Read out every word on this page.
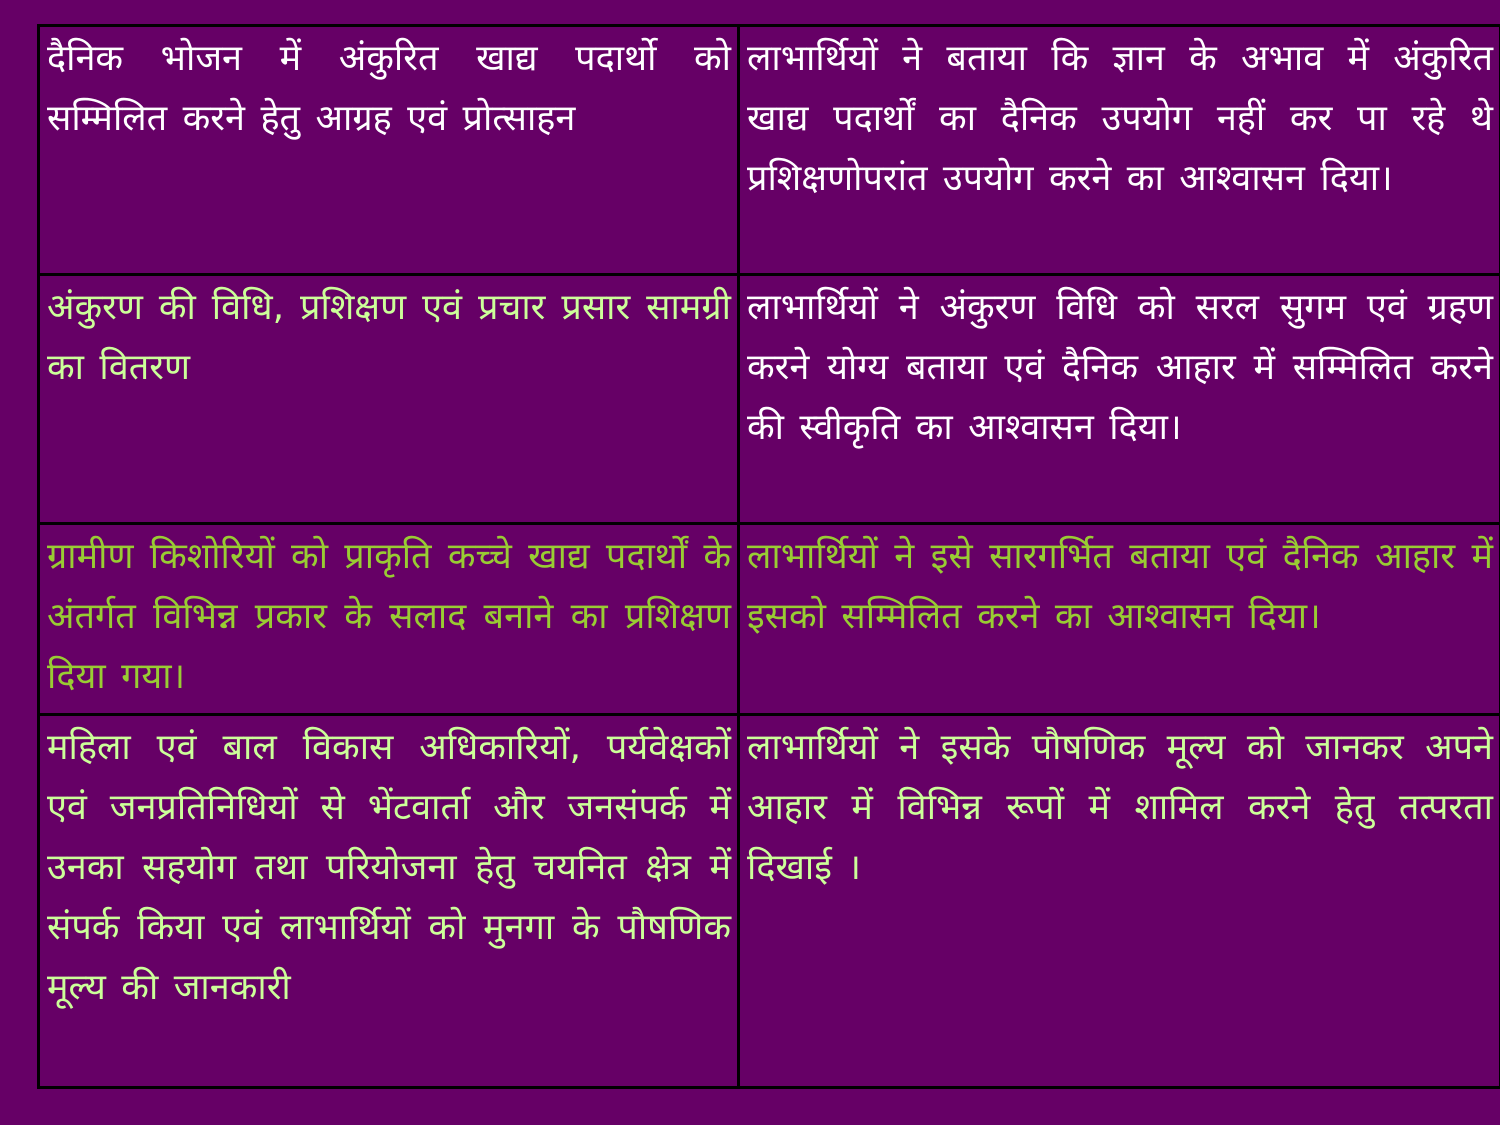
दैनिक भोजन में अंकुरित खाद्य पदार्थो को सम्मिलित करने हेतु आग्रह एवं प्रोत्साहन	लाभार्थियों ने बताया कि ज्ञान के अभाव में अंकुरित खाद्य पदार्थों का दैनिक उपयोग नहीं कर पा रहे थे प्रशिक्षणोपरांत उपयोग करने का आश्वासन दिया।
अंकुरण की विधि, प्रशिक्षण एवं प्रचार प्रसार सामग्री का वितरण	लाभार्थियों ने अंकुरण विधि को सरल सुगम एवं ग्रहण करने योग्य बताया एवं दैनिक आहार में सम्मिलित करने की स्वीकृति का आश्वासन दिया।
ग्रामीण किशोरियों को प्राकृति कच्चे खाद्य पदार्थों के अंतर्गत विभिन्न प्रकार के सलाद बनाने का प्रशिक्षण दिया गया।	लाभार्थियों ने इसे सारगर्भित बताया एवं दैनिक आहार में इसको सम्मिलित करने का आश्वासन दिया।
महिला एवं बाल विकास अधिकारियों, पर्यवेक्षकों एवं जनप्रतिनिधियों से भेंटवार्ता और जनसंपर्क में उनका सहयोग तथा परियोजना हेतु चयनित क्षेत्र में संपर्क किया एवं लाभार्थियों को मुनगा के पौषणिक मूल्य की जानकारी	लाभार्थियों ने इसके पौषणिक मूल्य को जानकर अपने आहार में विभिन्न रूपों में शामिल करने हेतु तत्परता दिखाई ।
